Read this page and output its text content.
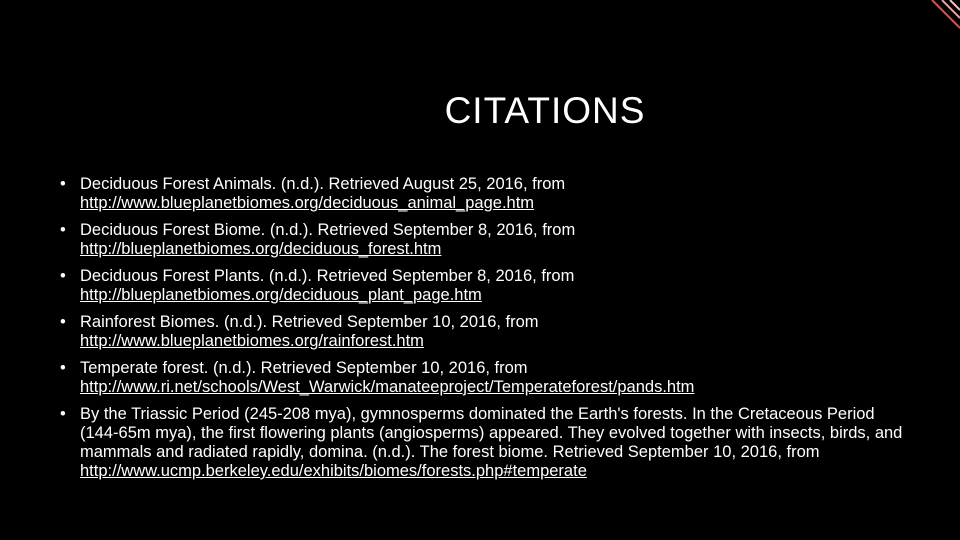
CITATIONS
• Deciduous Forest Animals. (n.d.). Retrieved August 25, 2016, from
http://www.blueplanetbiomes.org/deciduous_animal_page.htm
• Deciduous Forest Biome. (n.d.). Retrieved September 8, 2016, from
http://blueplanetbiomes.org/deciduous_forest.htm
• Deciduous Forest Plants. (n.d.). Retrieved September 8, 2016, from
http://blueplanetbiomes.org/deciduous_plant_page.htm
• Rainforest Biomes. (n.d.). Retrieved September 10, 2016, from
http://www.blueplanetbiomes.org/rainforest.htm
• Temperate forest. (n.d.). Retrieved September 10, 2016, from
http://www.ri.net/schools/West_Warwick/manateeproject/Temperateforest/pands.htm
• By the Triassic Period (245-208 mya), gymnosperms dominated the Earth's forests. In the Cretaceous Period (144-65m mya), the first flowering plants (angiosperms) appeared. They evolved together with insects, birds, and mammals and radiated rapidly, domina. (n.d.). The forest biome. Retrieved September 10, 2016, from
http://www.ucmp.berkeley.edu/exhibits/biomes/forests.php#temperate
